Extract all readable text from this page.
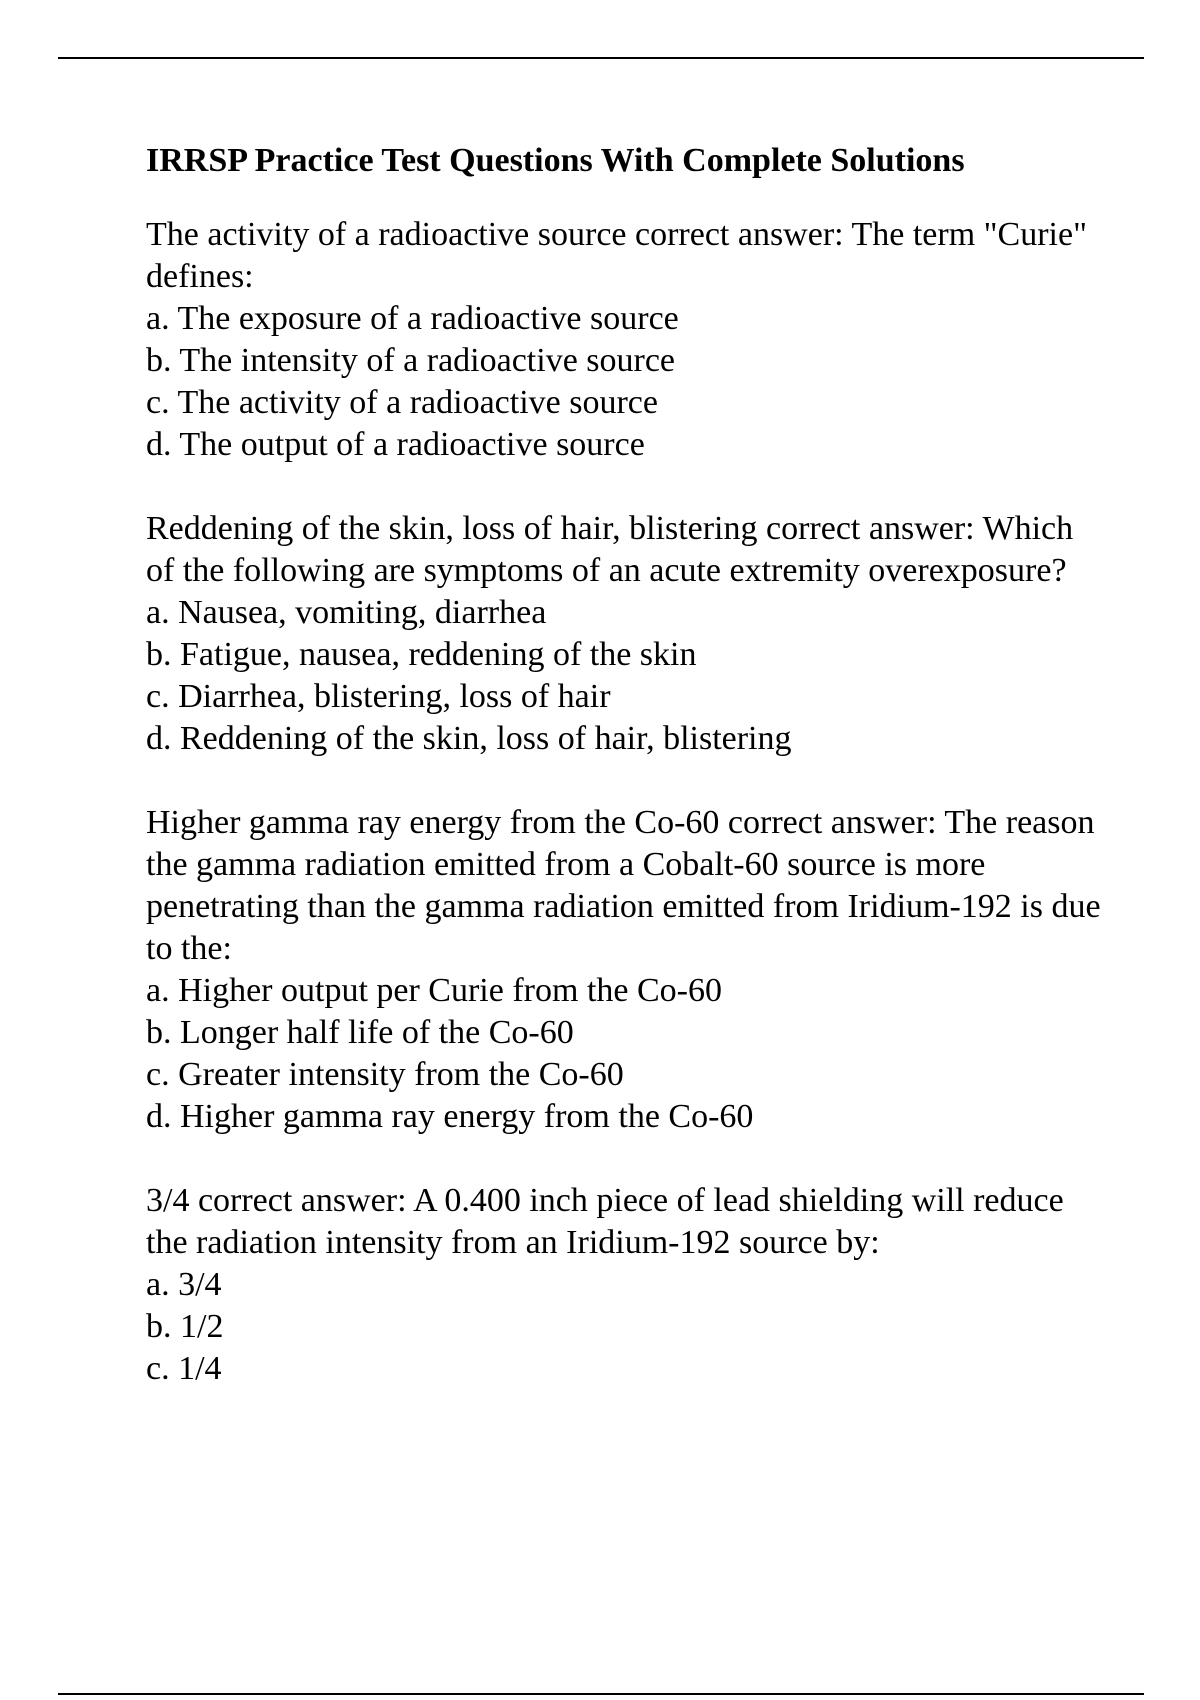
IRRSP Practice Test Questions With Complete Solutions
The activity of a radioactive source correct answer: The term "Curie" defines:
a. The exposure of a radioactive source
b. The intensity of a radioactive source
c. The activity of a radioactive source
d. The output of a radioactive source
Reddening of the skin, loss of hair, blistering correct answer: Which of the following are symptoms of an acute extremity overexposure?
a. Nausea, vomiting, diarrhea
b. Fatigue, nausea, reddening of the skin
c. Diarrhea, blistering, loss of hair
d. Reddening of the skin, loss of hair, blistering
Higher gamma ray energy from the Co-60 correct answer: The reason the gamma radiation emitted from a Cobalt-60 source is more penetrating than the gamma radiation emitted from Iridium-192 is due to the:
a. Higher output per Curie from the Co-60
b. Longer half life of the Co-60
c. Greater intensity from the Co-60
d. Higher gamma ray energy from the Co-60
3/4 correct answer: A 0.400 inch piece of lead shielding will reduce the radiation intensity from an Iridium-192 source by:
a. 3/4
b. 1/2
c. 1/4
